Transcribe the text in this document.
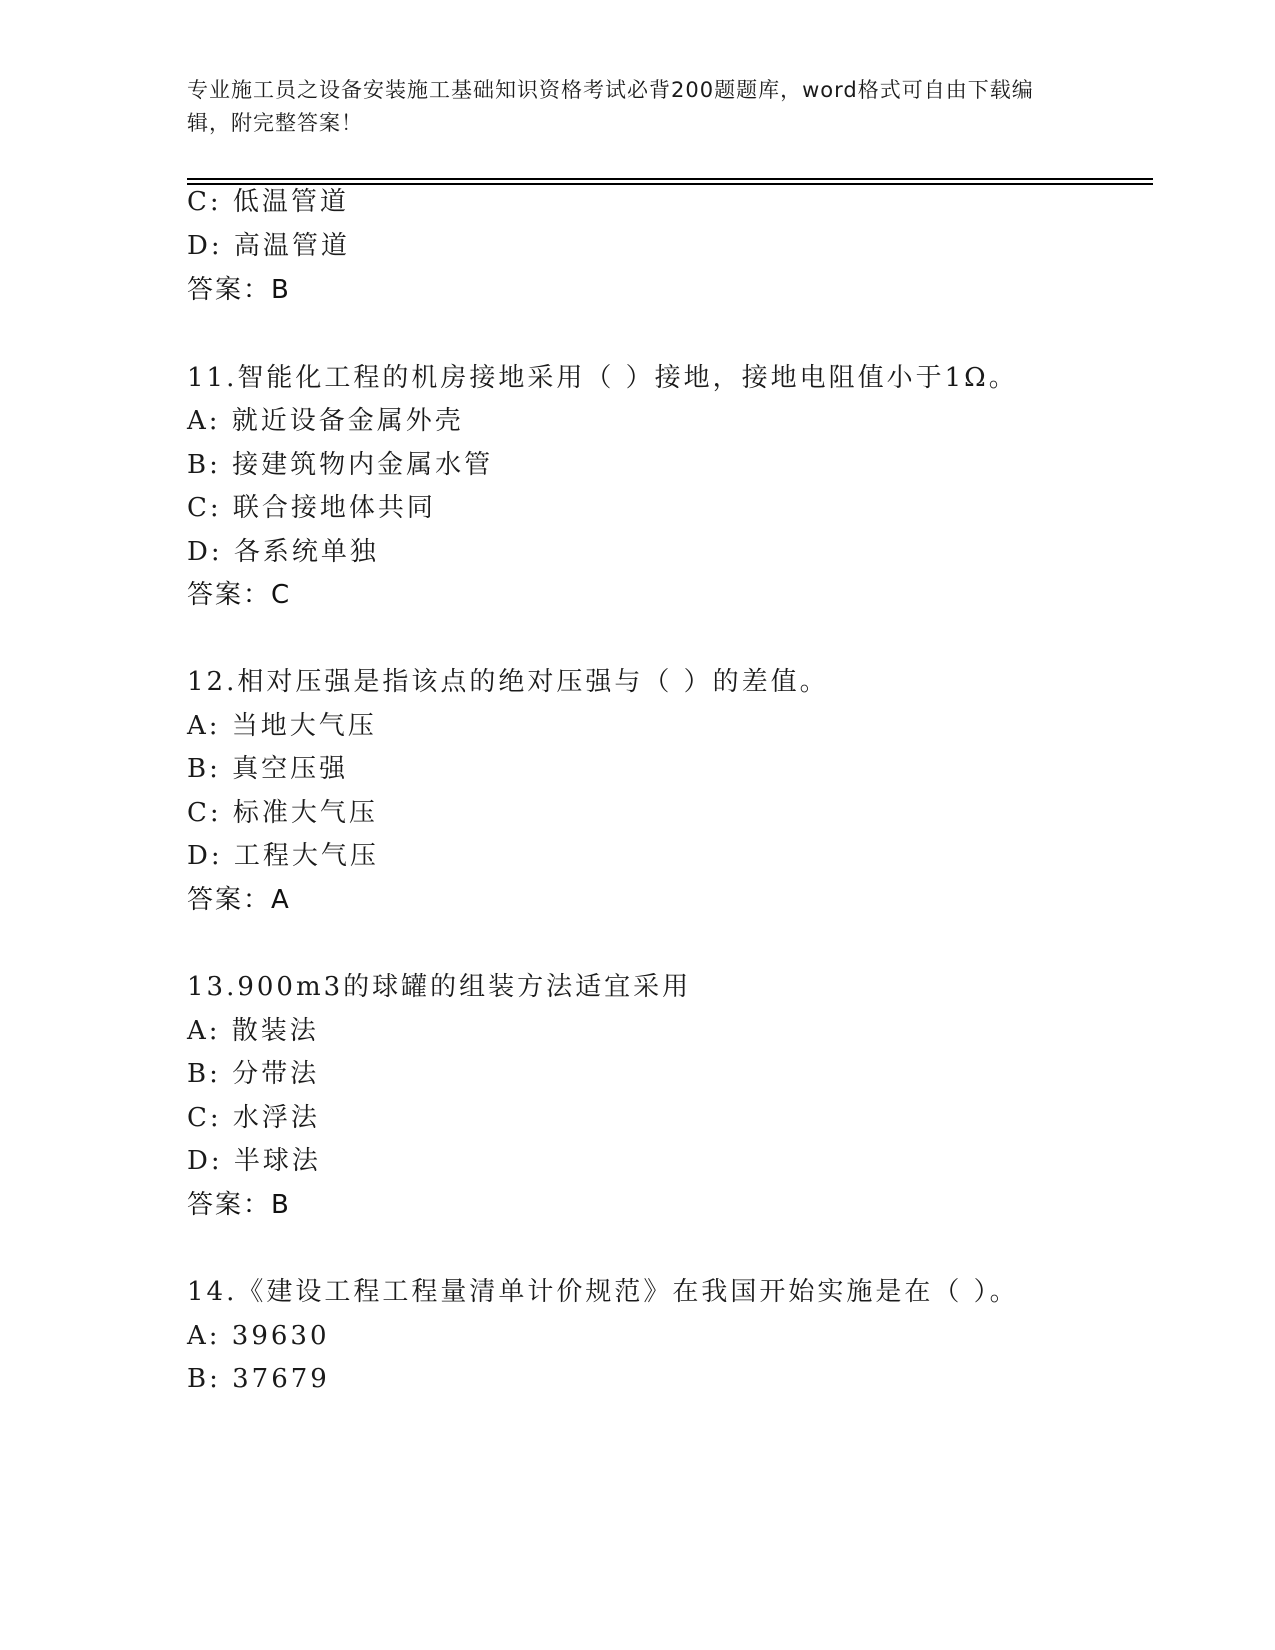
专业施工员之设备安装施工基础知识资格考试必背200题题库，word格式可自由下载编辑，附完整答案！
C: 低温管道
D: 高温管道
答案：B
11.智能化工程的机房接地采用（ ）接地，接地电阻值小于1Ω。
A: 就近设备金属外壳
B: 接建筑物内金属水管
C: 联合接地体共同
D: 各系统单独
答案：C
12.相对压强是指该点的绝对压强与（ ）的差值。
A: 当地大气压
B: 真空压强
C: 标准大气压
D: 工程大气压
答案：A
13.900m3的球罐的组装方法适宜采用
A: 散装法
B: 分带法
C: 水浮法
D: 半球法
答案：B
14.《建设工程工程量清单计价规范》在我国开始实施是在（ ）。
A: 39630
B: 37679
